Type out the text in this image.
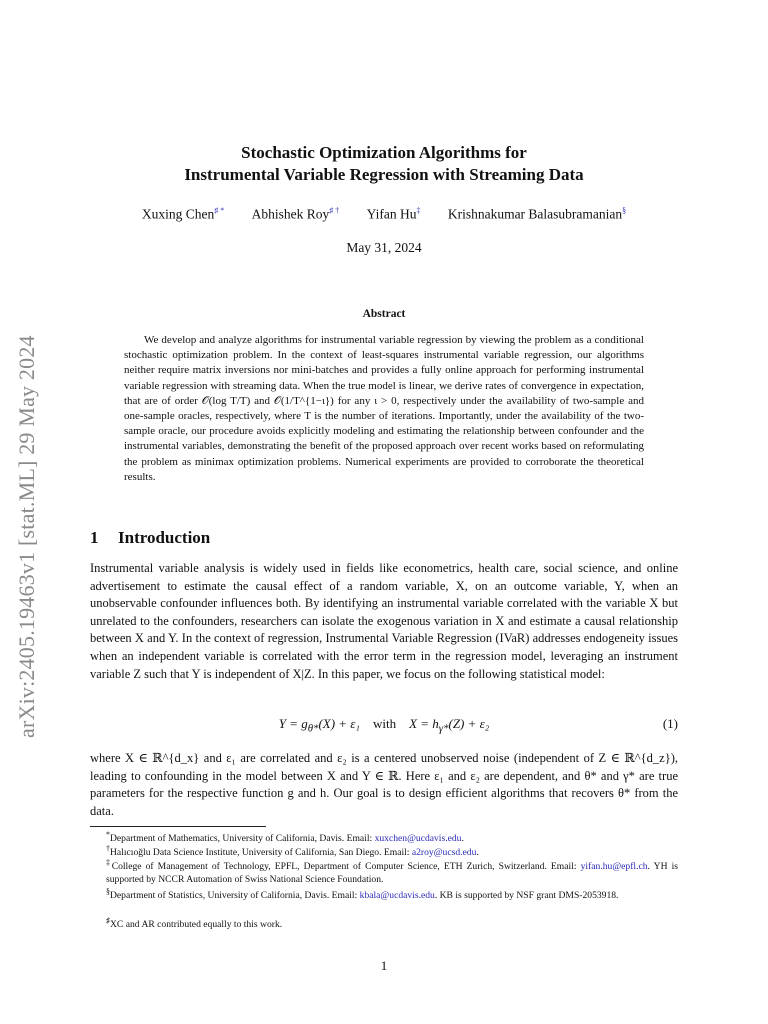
arXiv:2405.19463v1 [stat.ML] 29 May 2024
Stochastic Optimization Algorithms for
Instrumental Variable Regression with Streaming Data
Xuxing Chen♯ * Abhishek Roy♯ † Yifan Hu‡ Krishnakumar Balasubramanian§
May 31, 2024
Abstract
We develop and analyze algorithms for instrumental variable regression by viewing the problem as a conditional stochastic optimization problem. In the context of least-squares instrumental variable regression, our algorithms neither require matrix inversions nor mini-batches and provides a fully online approach for performing instrumental variable regression with streaming data. When the true model is linear, we derive rates of convergence in expectation, that are of order 𝒪(log T/T) and 𝒪(1/T^{1−ι}) for any ι > 0, respectively under the availability of two-sample and one-sample oracles, respectively, where T is the number of iterations. Importantly, under the availability of the two-sample oracle, our procedure avoids explicitly modeling and estimating the relationship between confounder and the instrumental variables, demonstrating the benefit of the proposed approach over recent works based on reformulating the problem as minimax optimization problems. Numerical experiments are provided to corroborate the theoretical results.
1 Introduction
Instrumental variable analysis is widely used in fields like econometrics, health care, social science, and online advertisement to estimate the causal effect of a random variable, X, on an outcome variable, Y, when an unobservable confounder influences both. By identifying an instrumental variable correlated with the variable X but unrelated to the confounders, researchers can isolate the exogenous variation in X and estimate a causal relationship between X and Y. In the context of regression, Instrumental Variable Regression (IVaR) addresses endogeneity issues when an independent variable is correlated with the error term in the regression model, leveraging an instrument variable Z such that Y is independent of X|Z. In this paper, we focus on the following statistical model:
$Y = g_{\theta*}(X) + \varepsilon_1$ with $X = h_{\gamma*}(Z) + \varepsilon_2$	(1)
where X ∈ ℝ^{d_x} and ε₁ are correlated and ε₂ is a centered unobserved noise (independent of Z ∈ ℝ^{d_z}), leading to confounding in the model between X and Y ∈ ℝ. Here ε₁ and ε₂ are dependent, and θ* and γ* are true parameters for the respective function g and h. Our goal is to design efficient algorithms that recovers θ* from the data.
*Department of Mathematics, University of California, Davis. Email: xuxchen@ucdavis.edu.
†Halıcıoğlu Data Science Institute, University of California, San Diego. Email: a2roy@ucsd.edu.
‡College of Management of Technology, EPFL, Department of Computer Science, ETH Zurich, Switzerland. Email: yifan.hu@epfl.ch. YH is supported by NCCR Automation of Swiss National Science Foundation.
§Department of Statistics, University of California, Davis. Email: kbala@ucdavis.edu. KB is supported by NSF grant DMS-2053918.
♯XC and AR contributed equally to this work.
1
